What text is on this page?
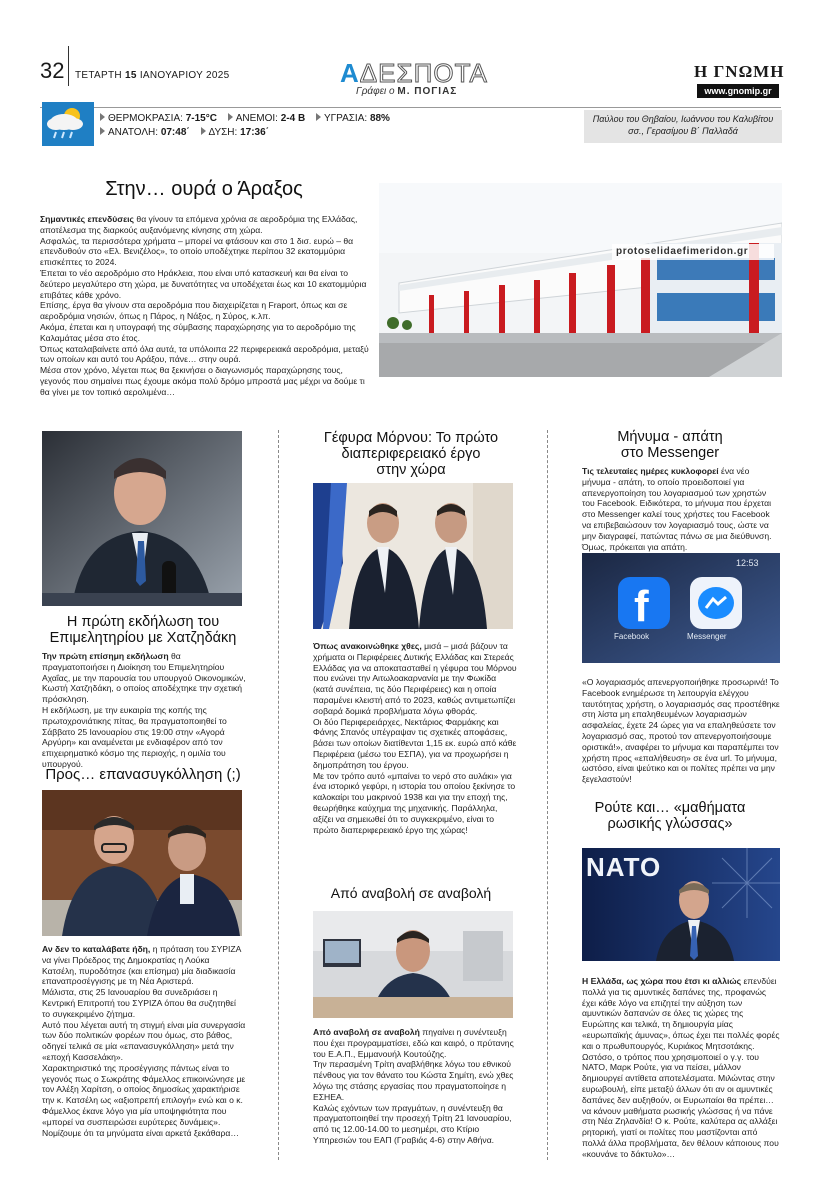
32 ΤΕΤΑΡΤΗ 15 ΙΑΝΟΥΑΡΙΟΥ 2025	ΑΔΕΣΠΟΤΑ
Γράφει ο Μ. ΠΟΓΙΑΣ
Η ΓΝΩΜΗ
www.gnomip.gr
ΘΕΡΜΟΚΡΑΣΙΑ: 7-15°C ΑΝΕΜΟΙ: 2-4 Β ΥΓΡΑΣΙΑ: 88%
ΑΝΑΤΟΛΗ: 07:48΄ ΔΥΣΗ: 17:36΄
Παύλου του Θηβαίου, Ιωάννου του Καλυβίτου σσ., Γερασίμου Β΄ Παλλαδά
Στην… ουρά ο Άραξος

Σημαντικές επενδύσεις θα γίνουν τα επόμενα χρόνια σε αεροδρόμια της Ελλάδας, αποτέλεσμα της διαρκούς αυξανόμενης κίνησης στη χώρα.

Ασφαλώς, τα περισσότερα χρήματα – μπορεί να φτάσουν και στο 1 δισ. ευρώ – θα επενδυθούν στο «Ελ. Βενιζέλος», το οποίο υποδέχτηκε περίπου 32 εκατομμύρια επισκέπτες το 2024.

Έπεται το νέο αεροδρόμιο στο Ηράκλεια, που είναι υπό κατασκευή και θα είναι το δεύτερο μεγαλύτερο στη χώρα, με δυνατότητες να υποδέχεται έως και 10 εκατομμύρια επιβάτες κάθε χρόνο.

Επίσης, έργα θα γίνουν στα αεροδρόμια που διαχειρίζεται η Fraport, όπως και σε αεροδρόμια νησιών, όπως η Πάρος, η Νάξος, η Σύρος, κ.λπ.

Ακόμα, έπεται και η υπογραφή της σύμβασης παραχώρησης για το αεροδρόμιο της Καλαμάτας μέσα στο έτος.

Όπως καταλαβαίνετε από όλα αυτά, τα υπόλοιπα 22 περιφερειακά αεροδρόμια, μεταξύ των οποίων και αυτό του Αράξου, πάνε… στην ουρά.

Μέσα στον χρόνο, λέγεται πως θα ξεκινήσει ο διαγωνισμός παραχώρησης τους, γεγονός που σημαίνει πως έχουμε ακόμα πολύ δρόμο μπροστά μας μέχρι να δούμε τι θα γίνει με τον τοπικό αερολιμένα…

protoselidaefimeridon.gr
Η πρώτη εκδήλωση του
Επιμελητηρίου με Χατζηδάκη

Την πρώτη επίσημη εκδήλωση θα πραγματοποιήσει η Διοίκηση του Επιμελητηρίου Αχαΐας, με την παρουσία του υπουργού Οικονομικών, Κωστή Χατζηδάκη, ο οποίος αποδέχτηκε την σχετική πρόσκληση.

Η εκδήλωση, με την ευκαιρία της κοπής της πρωτοχρονιάτικης πίτας, θα πραγματοποιηθεί το Σάββατο 25 Ιανουαρίου στις 19:00 στην «Αγορά Αργύρη» και αναμένεται με ενδιαφέρον από τον επιχειρηματικό κόσμο της περιοχής, η ομιλία του υπουργού.

Προς… επανασυγκόλληση (;)

Αν δεν το καταλάβατε ήδη, η πρόταση του ΣΥΡΙΖΑ να γίνει Πρόεδρος της Δημοκρατίας η Λούκα Κατσέλη, πυροδότησε (και επίσημα) μία διαδικασία επαναπροσέγγισης με τη Νέα Αριστερά.

Μάλιστα, στις 25 Ιανουαρίου θα συνεδριάσει η Κεντρική Επιτροπή του ΣΥΡΙΖΑ όπου θα συζητηθεί το συγκεκριμένο ζήτημα.

Αυτό που λέγεται αυτή τη στιγμή είναι μία συνεργασία των δύο πολιτικών φορέων που όμως, στο βάθος, οδηγεί τελικά σε μία «επανασυγκόλληση» μετά την «εποχή Κασσελάκη».

Χαρακτηριστικό της προσέγγισης πάντως είναι το γεγονός πως ο Σωκράτης Φάμελλος επικοινώνησε με τον Αλέξη Χαρίτση, ο οποίος δημοσίως χαρακτήρισε την κ. Κατσέλη ως «αξιοπρεπή επιλογή» ενώ και ο κ. Φάμελλος έκανε λόγο για μία υποψηφιότητα που «μπορεί να συσπειρώσει ευρύτερες δυνάμεις».

Νομίζουμε ότι τα μηνύματα είναι αρκετά ξεκάθαρα…

Γέφυρα Μόρνου: Το πρώτο
διαπεριφερειακό έργο
στην χώρα

Όπως ανακοινώθηκε χθες, μισά – μισά βάζουν τα χρήματα οι Περιφέρειες Δυτικής Ελλάδας και Στερεάς Ελλάδας για να αποκατασταθεί η γέφυρα του Μόρνου που ενώνει την Αιτωλοακαρνανία με την Φωκίδα (κατά συνέπεια, τις δύο Περιφέρειες) και η οποία παραμένει κλειστή από το 2023, καθώς αντιμετωπίζει σοβαρά δομικά προβλήματα λόγω φθοράς.

Οι δύο Περιφερειάρχες, Νεκτάριος Φαρμάκης και Φάνης Σπανός υπέγραψαν τις σχετικές αποφάσεις, βάσει των οποίων διατίθενται 1,15 εκ. ευρώ από κάθε Περιφέρεια (μέσω του ΕΣΠΑ), για να προχωρήσει η δημοπράτηση του έργου.

Με τον τρόπο αυτό «μπαίνει το νερό στο αυλάκι» για ένα ιστορικό γεφύρι, η ιστορία του οποίου ξεκίνησε το καλοκαίρι του μακρινού 1938 και για την εποχή της, θεωρήθηκε καύχημα της μηχανικής. Παράλληλα, αξίζει να σημειωθεί ότι το συγκεκριμένο, είναι το πρώτο διαπεριφερειακό έργο της χώρας!

Από αναβολή σε αναβολή

Από αναβολή σε αναβολή πηγαίνει η συνέντευξη που έχει προγραμματίσει, εδώ και καιρό, ο πρύτανης του Ε.Α.Π., Εμμανουήλ Κουτούζης.

Την περασμένη Τρίτη αναβλήθηκε λόγω του εθνικού πένθους για τον θάνατο του Κώστα Σημίτη, ενώ χθες λόγω της στάσης εργασίας που πραγματοποίησε η ΕΣΗΕΑ.

Καλώς εχόντων των πραγμάτων, η συνέντευξη θα πραγματοποιηθεί την προσεχή Τρίτη 21 Ιανουαρίου, από τις 12.00-14.00 το μεσημέρι, στο Κτίριο Υπηρεσιών του ΕΑΠ (Γραβιάς 4-6) στην Αθήνα.

Μήνυμα - απάτη
στο Messenger

Τις τελευταίες ημέρες κυκλοφορεί ένα νέο μήνυμα - απάτη, το οποίο προειδοποιεί για απενεργοποίηση του λογαριασμού των χρηστών του Facebook. Ειδικότερα, το μήνυμα που έρχεται στο Messenger καλεί τους χρήστες του Facebook να επιβεβαιώσουν τον λογαριασμό τους, ώστε να μην διαγραφεί, πατώντας πάνω σε μια διεύθυνση. Όμως, πρόκειται για απάτη.

f
12:53
Facebook	Messenger

«Ο λογαριασμός απενεργοποιήθηκε προσωρινά! Το Facebook ενημέρωσε τη λειτουργία ελέγχου ταυτότητας χρήστη, ο λογαριασμός σας προστέθηκε στη λίστα μη επαληθευμένων λογαριασμών ασφαλείας, έχετε 24 ώρες για να επαληθεύσετε τον λογαριασμό σας, προτού τον απενεργοποιήσουμε οριστικά!», αναφέρει το μήνυμα και παραπέμπει τον χρήστη προς «επαλήθευση» σε ένα url. Το μήνυμα, ωστόσο, είναι ψεύτικο και οι πολίτες πρέπει να μην ξεγελαστούν!

Ρούτε και… «μαθήματα
ρωσικής γλώσσας»
NATO

Η Ελλάδα, ως χώρα που έτσι κι αλλιώς επενδύει πολλά για τις αμυντικές δαπάνες της, προφανώς έχει κάθε λόγο να επιζητεί την αύξηση των αμυντικών δαπανών σε όλες τις χώρες της Ευρώπης και τελικά, τη δημιουργία μίας «ευρωπαϊκής άμυνας», όπως έχει πει πολλές φορές και ο πρωθυπουργός, Κυριάκος Μητσοτάκης. Ωστόσο, ο τρόπος που χρησιμοποιεί ο γ.γ. του ΝΑΤΟ, Μαρκ Ρούτε, για να πείσει, μάλλον δημιουργεί αντίθετα αποτελέσματα. Μιλώντας στην ευρωβουλή, είπε μεταξύ άλλων ότι αν οι αμυντικές δαπάνες δεν αυξηθούν, οι Ευρωπαίοι θα πρέπει… να κάνουν μαθήματα ρωσικής γλώσσας ή να πάνε στη Νέα Ζηλανδία! Ο κ. Ρούτε, καλύτερα ας αλλάξει ρητορική, γιατί οι πολίτες που μαστίζονται από πολλά άλλα προβλήματα, δεν θέλουν κάποιους που «κουνάνε το δάκτυλο»…
